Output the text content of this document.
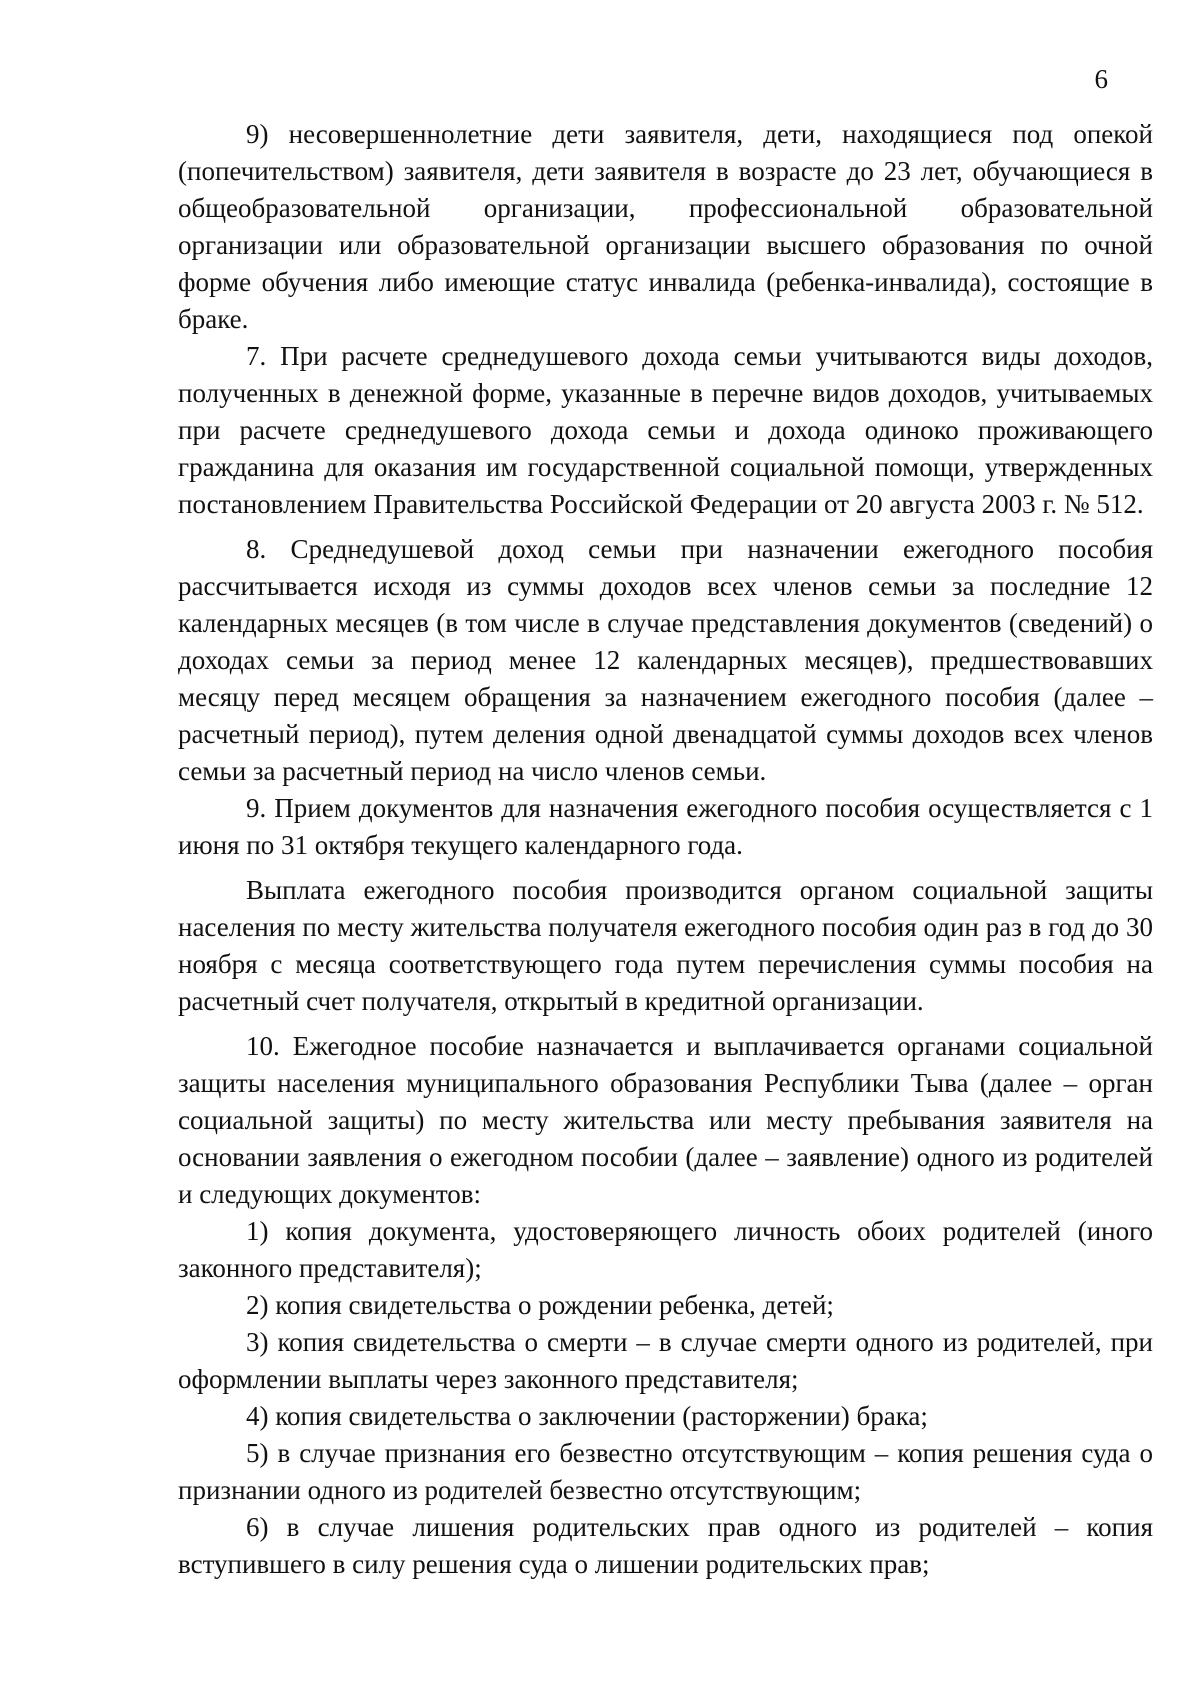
6

9) несовершеннолетние дети заявителя, дети, находящиеся под опекой (попечительством) заявителя, дети заявителя в возрасте до 23 лет, обучающиеся в общеобразовательной организации, профессиональной образовательной организации или образовательной организации высшего образования по очной форме обучения либо имеющие статус инвалида (ребенка-инвалида), состоящие в браке.

7. При расчете среднедушевого дохода семьи учитываются виды доходов, полученных в денежной форме, указанные в перечне видов доходов, учитываемых при расчете среднедушевого дохода семьи и дохода одиноко проживающего гражданина для оказания им государственной социальной помощи, утвержденных постановлением Правительства Российской Федерации от 20 августа 2003 г. № 512.

8. Среднедушевой доход семьи при назначении ежегодного пособия рассчитывается исходя из суммы доходов всех членов семьи за последние 12 календарных месяцев (в том числе в случае представления документов (сведений) о доходах семьи за период менее 12 календарных месяцев), предшествовавших месяцу перед месяцем обращения за назначением ежегодного пособия (далее – расчетный период), путем деления одной двенадцатой суммы доходов всех членов семьи за расчетный период на число членов семьи.

9. Прием документов для назначения ежегодного пособия осуществляется с 1 июня по 31 октября текущего календарного года.

Выплата ежегодного пособия производится органом социальной защиты населения по месту жительства получателя ежегодного пособия один раз в год до 30 ноября с месяца соответствующего года путем перечисления суммы пособия на расчетный счет получателя, открытый в кредитной организации.

10. Ежегодное пособие назначается и выплачивается органами социальной защиты населения муниципального образования Республики Тыва (далее – орган социальной защиты) по месту жительства или месту пребывания заявителя на основании заявления о ежегодном пособии (далее – заявление) одного из родителей и следующих документов:

1) копия документа, удостоверяющего личность обоих родителей (иного законного представителя);

2) копия свидетельства о рождении ребенка, детей;

3) копия свидетельства о смерти – в случае смерти одного из родителей, при оформлении выплаты через законного представителя;

4) копия свидетельства о заключении (расторжении) брака;

5) в случае признания его безвестно отсутствующим – копия решения суда о признании одного из родителей безвестно отсутствующим;

6) в случае лишения родительских прав одного из родителей – копия вступившего в силу решения суда о лишении родительских прав;
